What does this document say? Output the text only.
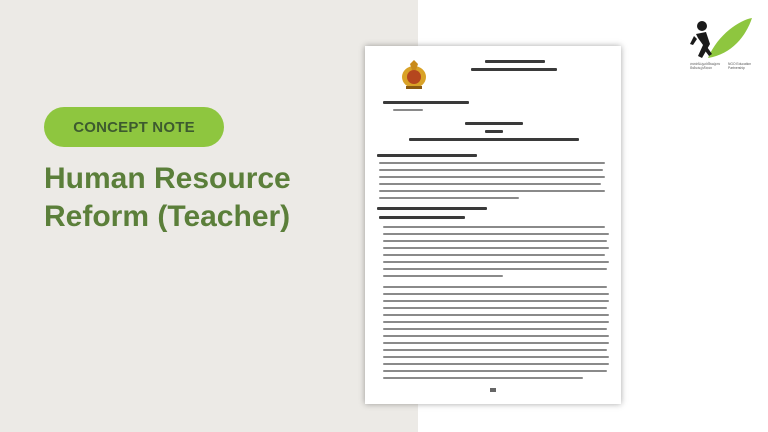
CONCEPT NOTE
Human Resource
Reform (Teacher)
ភាពជាដៃគូអប់រំនៃអង្គការមិនមែនរដ្ឋាភិបាល
NGO Education Partnership
